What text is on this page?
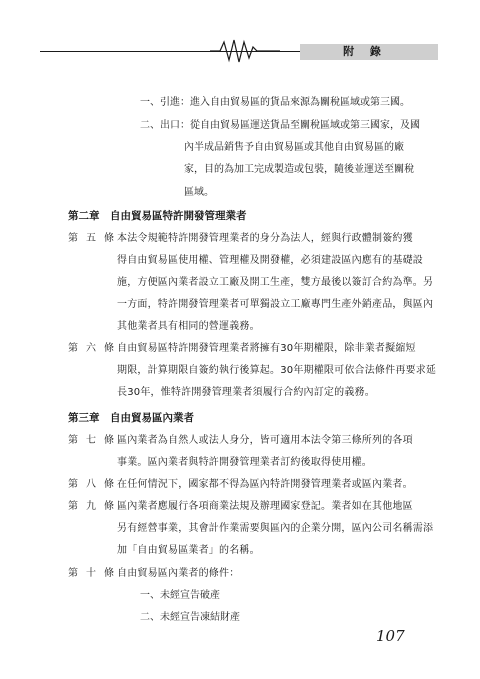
附 錄
一、引進：進入自由貿易區的貨品來源為關稅區域或第三國。
二、出口：從自由貿易區運送貨品至關稅區域或第三國家，及國
內半成品銷售予自由貿易區或其他自由貿易區的廠
家，目的為加工完成製造或包裝，隨後並運送至關稅
區域。
第二章　自由貿易區特許開發管理業者
第五條
本法令規範特許開發管理業者的身分為法人，經與行政體制簽約獲
得自由貿易區使用權、管理權及開發權，必須建設區內應有的基礎設
施，方便區內業者設立工廠及開工生產，雙方最後以簽訂合約為準。另
一方面，特許開發管理業者可單獨設立工廠專門生產外銷產品，與區內
其他業者具有相同的營運義務。
第六條
自由貿易區特許開發管理業者將擁有30年期權限，除非業者擬縮短
期限，計算期限自簽約執行後算起。30年期權限可依合法條件再要求延
長30年，惟特許開發管理業者須履行合約內訂定的義務。
第三章　自由貿易區內業者
第七條
區內業者為自然人或法人身分，皆可適用本法令第三條所列的各項
事業。區內業者與特許開發管理業者訂約後取得使用權。
第八條
在任何情況下，國家都不得為區內特許開發管理業者或區內業者。
第九條
區內業者應履行各項商業法規及辦理國家登記。業者如在其他地區
另有經營事業，其會計作業需要與區內的企業分開，區內公司名稱需添
加「自由貿易區業者」的名稱。
第十條
自由貿易區內業者的條件：
一、未經宣告破產
二、未經宣告凍結財產
107
